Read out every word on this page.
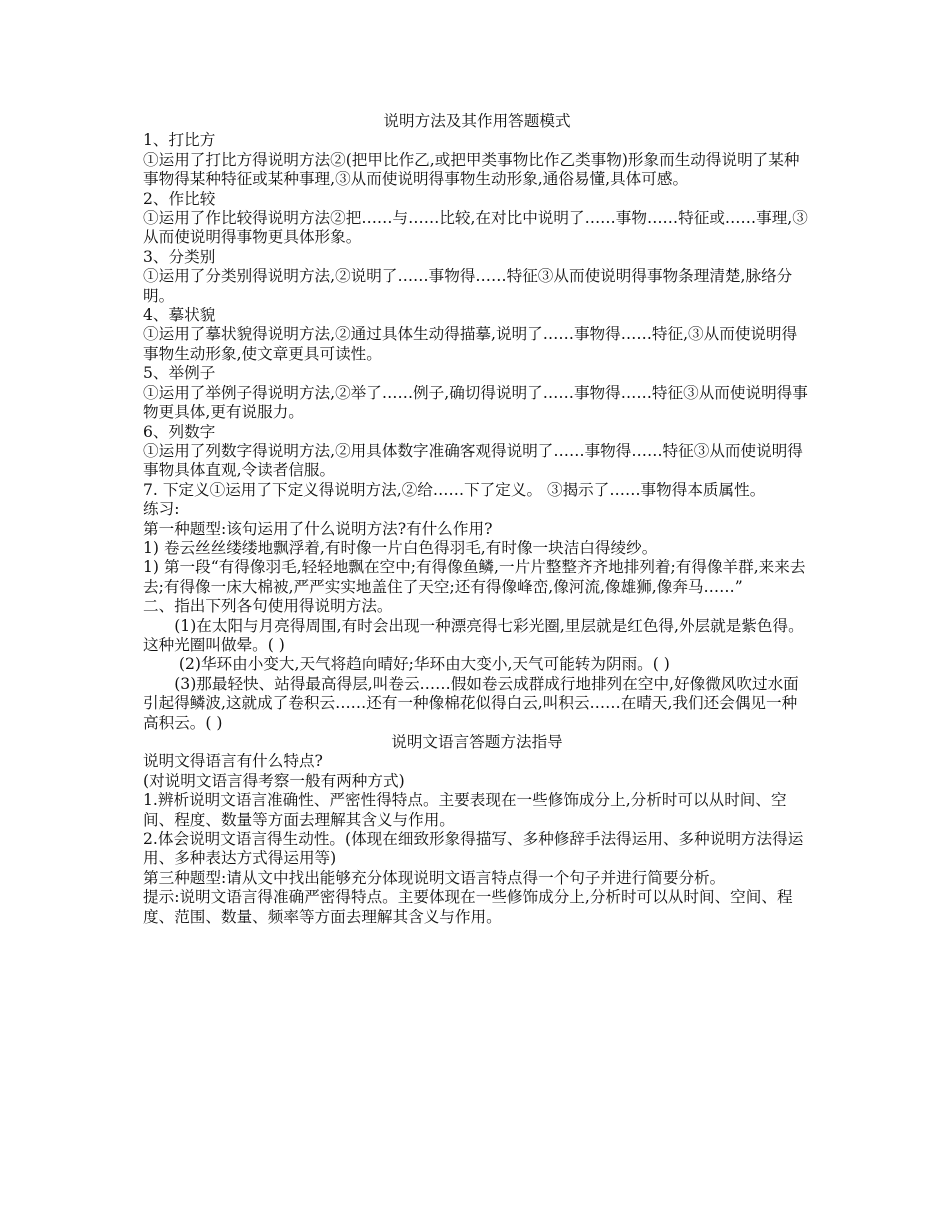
说明方法及其作用答题模式

1、打比方

①运用了打比方得说明方法②(把甲比作乙,或把甲类事物比作乙类事物)形象而生动得说明了某种事物得某种特征或某种事理,③从而使说明得事物生动形象,通俗易懂,具体可感。

2、作比较

①运用了作比较得说明方法②把……与……比较,在对比中说明了……事物……特征或……事理,③从而使说明得事物更具体形象。

3、分类别

①运用了分类别得说明方法,②说明了……事物得……特征③从而使说明得事物条理清楚,脉络分明。

4、摹状貌

①运用了摹状貌得说明方法,②通过具体生动得描摹,说明了……事物得……特征,③从而使说明得事物生动形象,使文章更具可读性。

5、举例子

①运用了举例子得说明方法,②举了……例子,确切得说明了……事物得……特征③从而使说明得事物更具体,更有说服力。

6、列数字

①运用了列数字得说明方法,②用具体数字准确客观得说明了……事物得……特征③从而使说明得事物具体直观,令读者信服。

7. 下定义①运用了下定义得说明方法,②给……下了定义。 ③揭示了……事物得本质属性。

练习:

第一种题型:该句运用了什么说明方法?有什么作用?

1) 卷云丝丝缕缕地飘浮着,有时像一片白色得羽毛,有时像一块洁白得绫纱。

1) 第一段“有得像羽毛,轻轻地飘在空中;有得像鱼鳞,一片片整整齐齐地排列着;有得像羊群,来来去去;有得像一床大棉被,严严实实地盖住了天空;还有得像峰峦,像河流,像雄狮,像奔马……”

二、指出下列各句使用得说明方法。

(1)在太阳与月亮得周围,有时会出现一种漂亮得七彩光圈,里层就是红色得,外层就是紫色得。这种光圈叫做晕。( )

(2)华环由小变大,天气将趋向晴好;华环由大变小,天气可能转为阴雨。( )

(3)那最轻快、站得最高得层,叫卷云……假如卷云成群成行地排列在空中,好像微风吹过水面引起得鳞波,这就成了卷积云……还有一种像棉花似得白云,叫积云……在晴天,我们还会偶见一种高积云。( )

说明文语言答题方法指导

说明文得语言有什么特点?

(对说明文语言得考察一般有两种方式)

1.辨析说明文语言准确性、严密性得特点。主要表现在一些修饰成分上,分析时可以从时间、空间、程度、数量等方面去理解其含义与作用。

2.体会说明文语言得生动性。(体现在细致形象得描写、多种修辞手法得运用、多种说明方法得运用、多种表达方式得运用等)

第三种题型:请从文中找出能够充分体现说明文语言特点得一个句子并进行简要分析。

提示:说明文语言得准确严密得特点。主要体现在一些修饰成分上,分析时可以从时间、空间、程度、范围、数量、频率等方面去理解其含义与作用。
